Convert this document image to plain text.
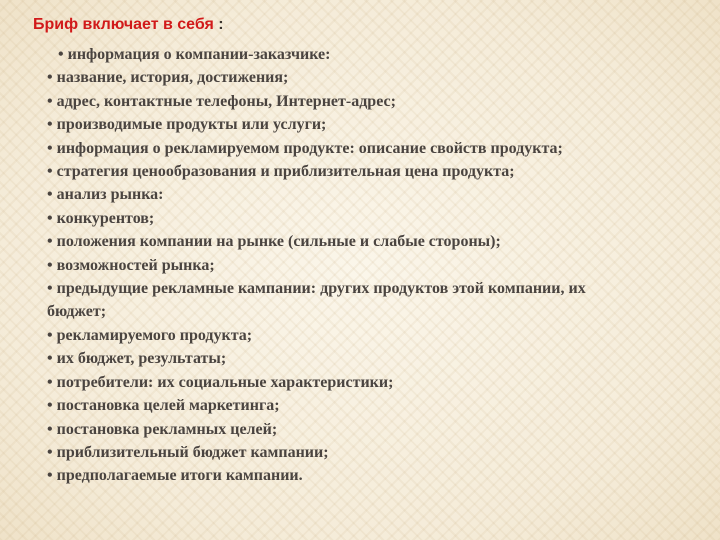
Бриф включает в себя :
• информация о компании-заказчике:
• название, история, достижения;
• адрес, контактные телефоны, Интернет-адрес;
• производимые продукты или услуги;
• информация о рекламируемом продукте: описание свойств продукта;
• стратегия ценообразования и приблизительная цена продукта;
• анализ рынка:
• конкурентов;
• положения компании на рынке (сильные и слабые стороны);
• возможностей рынка;
• предыдущие рекламные кампании: других продуктов этой компании, их бюджет;
• рекламируемого продукта;
• их бюджет, результаты;
• потребители: их социальные характеристики;
• постановка целей маркетинга;
• постановка рекламных целей;
• приблизительный бюджет кампании;
• предполагаемые итоги кампании.
